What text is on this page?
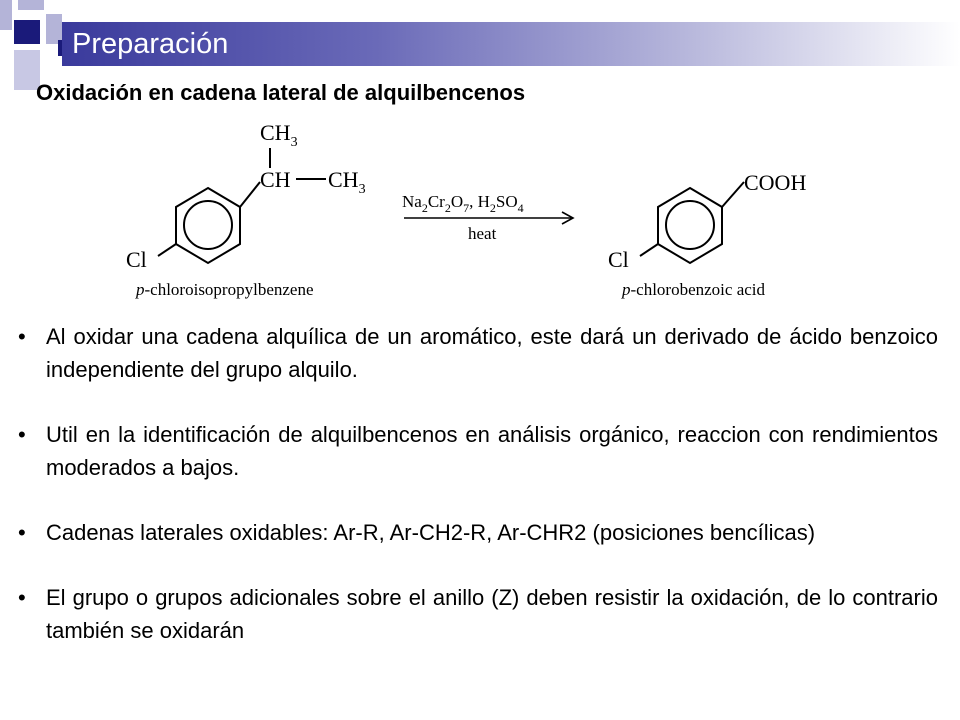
Preparación
Oxidación en cadena lateral de alquilbencenos
$CH_3$
CH $CH_3$
Cl
p-chloroisopropylbenzene
$Na_2Cr_2O_7$, $H_2SO_4$
heat
COOH
Cl
p-chlorobenzoic acid
• Al oxidar una cadena alquílica de un aromático, este dará un derivado de ácido benzoico independiente del grupo alquilo.
• Util en la identificación de alquilbencenos en análisis orgánico, reaccion con rendimientos moderados a bajos.
• Cadenas laterales oxidables: Ar-R, Ar-CH2-R, Ar-CHR2 (posiciones bencílicas)
• El grupo o grupos adicionales sobre el anillo (Z) deben resistir la oxidación, de lo contrario también se oxidarán
